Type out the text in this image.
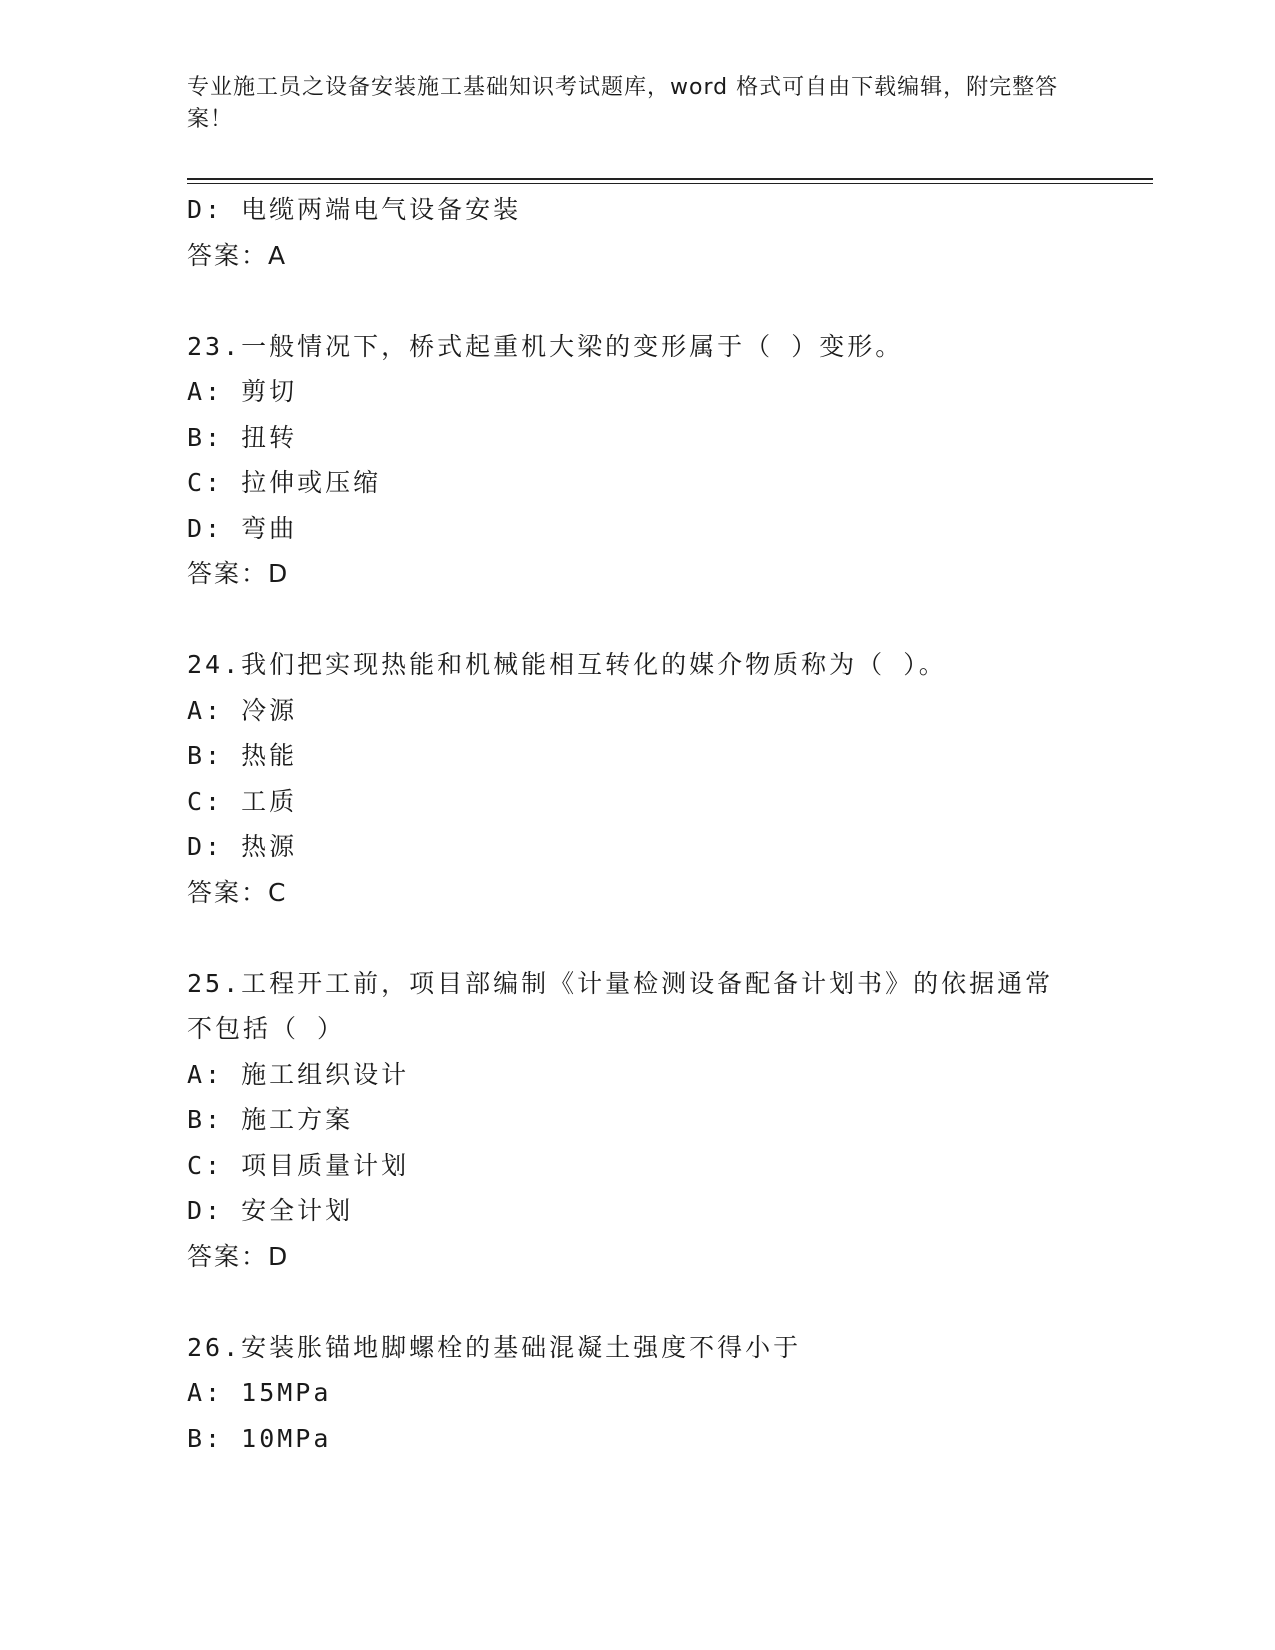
专业施工员之设备安装施工基础知识考试题库，word 格式可自由下载编辑，附完整答案！
D: 电缆两端电气设备安装
答案：A
23.一般情况下，桥式起重机大梁的变形属于（ ）变形。
A: 剪切
B: 扭转
C: 拉伸或压缩
D: 弯曲
答案：D
24.我们把实现热能和机械能相互转化的媒介物质称为（ ）。
A: 冷源
B: 热能
C: 工质
D: 热源
答案：C
25.工程开工前，项目部编制《计量检测设备配备计划书》的依据通常
不包括（ ）
A: 施工组织设计
B: 施工方案
C: 项目质量计划
D: 安全计划
答案：D
26.安装胀锚地脚螺栓的基础混凝土强度不得小于
A: 15MPa
B: 10MPa
